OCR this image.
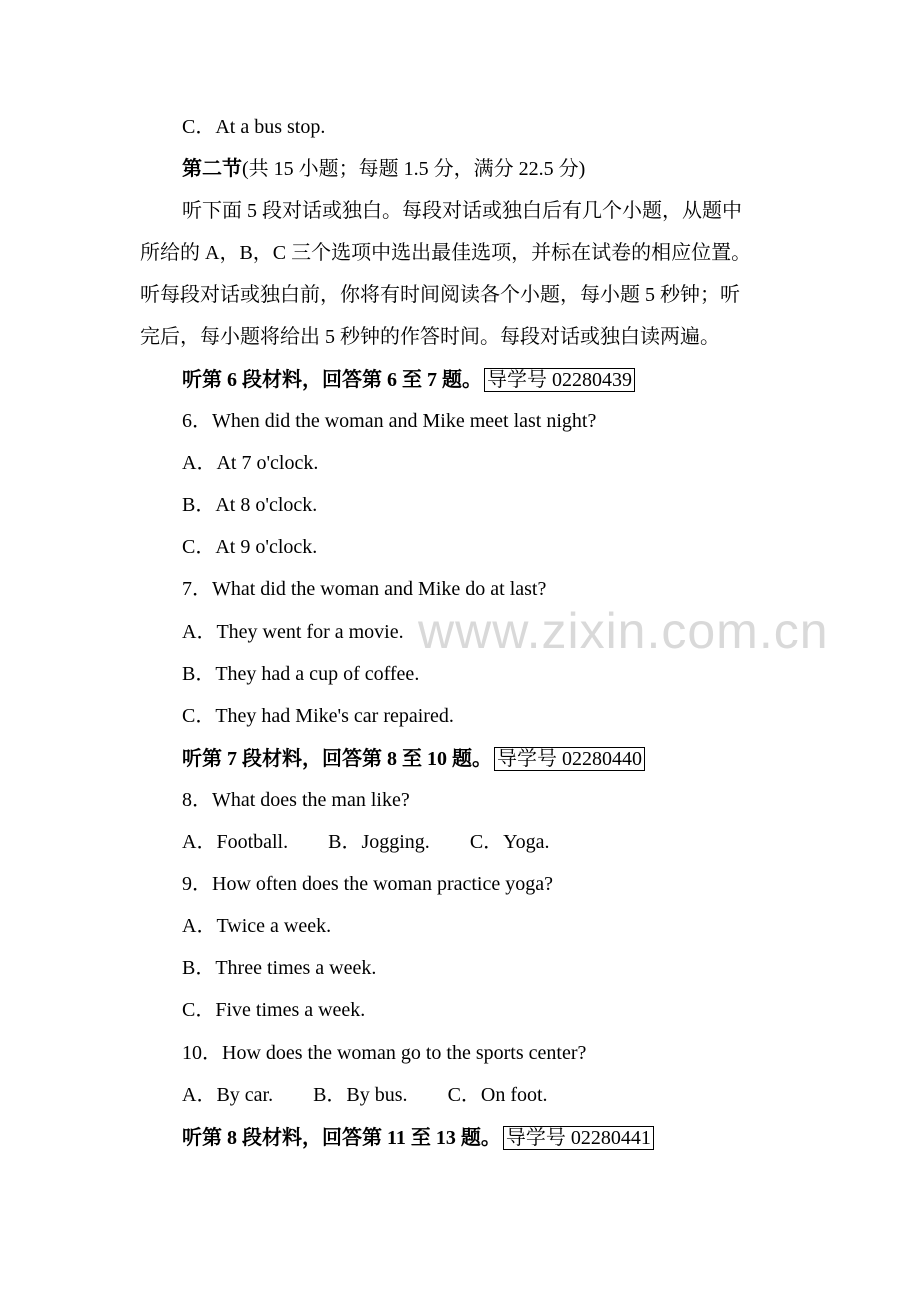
C．At a bus stop.
第二节(共 15 小题；每题 1.5 分，满分 22.5 分)
听下面 5 段对话或独白。每段对话或独白后有几个小题，从题中
所给的 A，B，C 三个选项中选出最佳选项，并标在试卷的相应位置。
听每段对话或独白前，你将有时间阅读各个小题，每小题 5 秒钟；听
完后，每小题将给出 5 秒钟的作答时间。每段对话或独白读两遍。
听第 6 段材料，回答第 6 至 7 题。 导学号 02280439
6．When did the woman and Mike meet last night?
A．At 7 o'clock.
B．At 8 o'clock.
C．At 9 o'clock.
7．What did the woman and Mike do at last?
A．They went for a movie.
B．They had a cup of coffee.
C．They had Mike's car repaired.
听第 7 段材料，回答第 8 至 10 题。 导学号 02280440
8．What does the man like?
A．Football. B．Jogging. C．Yoga.
9．How often does the woman practice yoga?
A．Twice a week.
B．Three times a week.
C．Five times a week.
10．How does the woman go to the sports center?
A．By car. B．By bus. C．On foot.
听第 8 段材料，回答第 11 至 13 题。 导学号 02280441
www.zixin.com.cn
